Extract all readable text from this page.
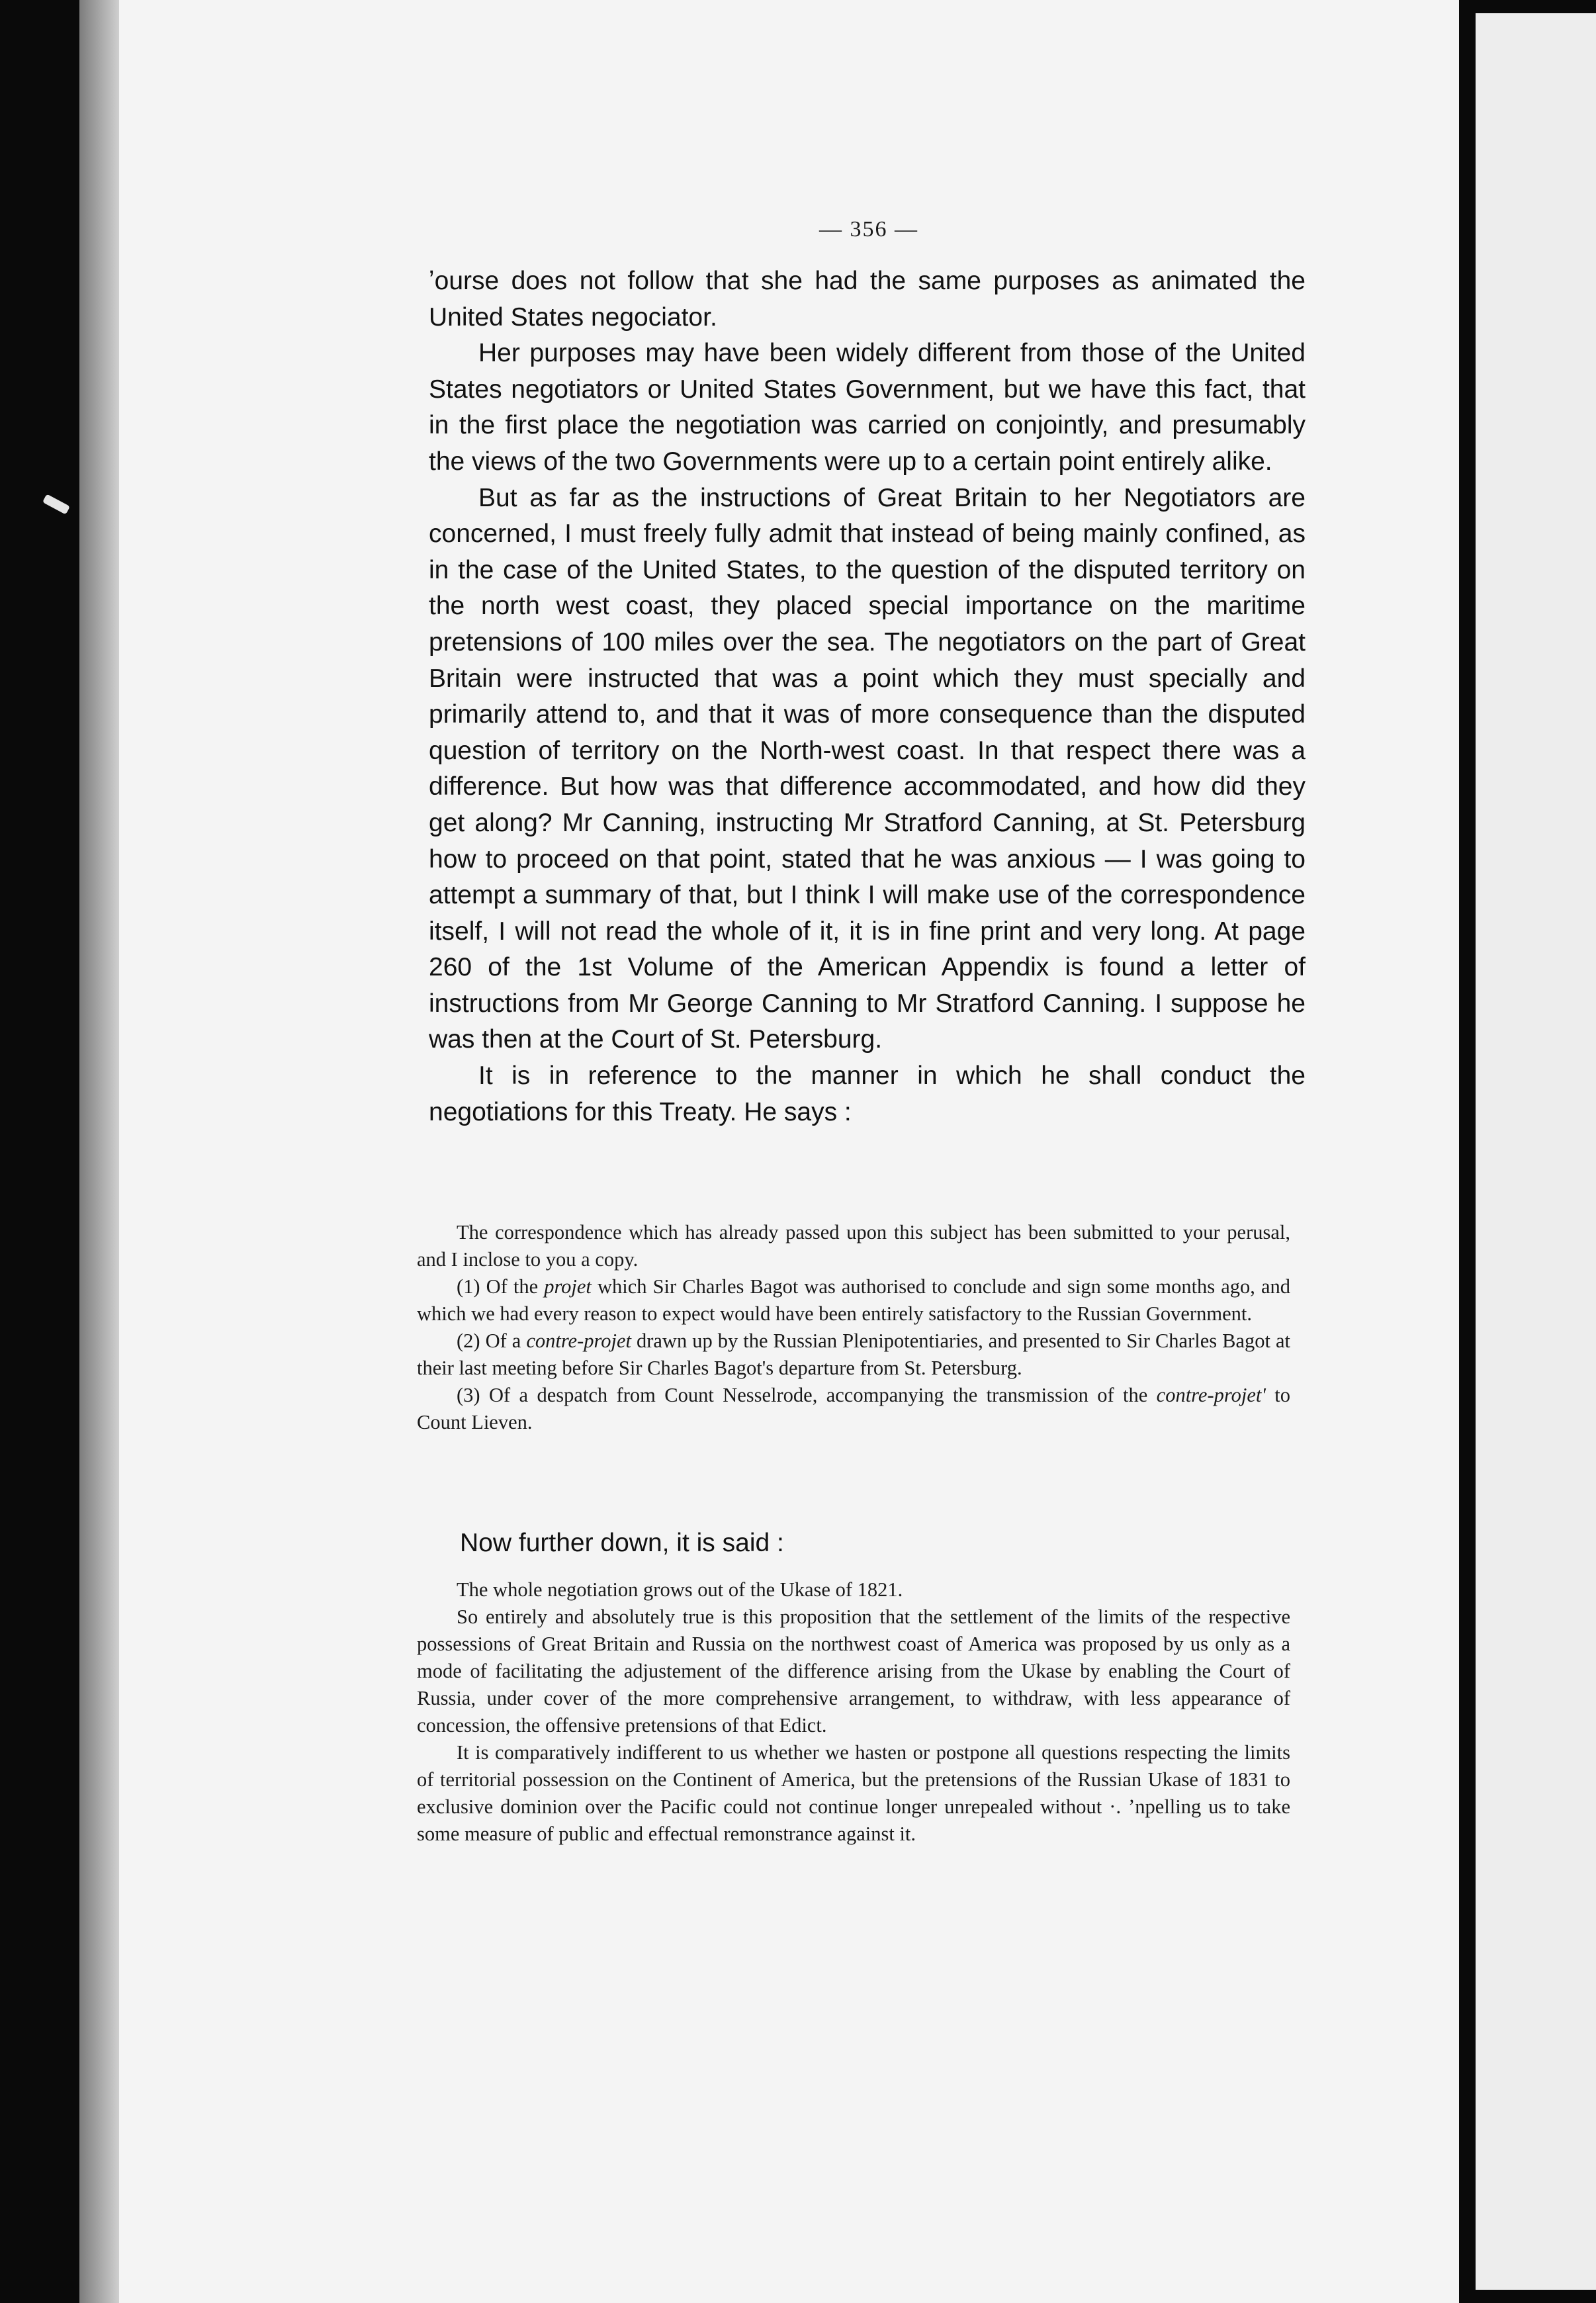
— 356 —

ʼourse does not follow that she had the same purposes as animated the United States negociator.

Her purposes may have been widely different from those of the United States negotiators or United States Government, but we have this fact, that in the first place the negotiation was carried on conjointly, and presumably the views of the two Governments were up to a certain point entirely alike.

But as far as the instructions of Great Britain to her Negotiators are concerned, I must freely fully admit that instead of being mainly confined, as in the case of the United States, to the question of the disputed territory on the north west coast, they placed special importance on the maritime pretensions of 100 miles over the sea. The negotiators on the part of Great Britain were instructed that was a point which they must specially and primarily attend to, and that it was of more consequence than the disputed question of territory on the North-west coast. In that respect there was a difference. But how was that difference accommodated, and how did they get along? Mr Canning, instructing Mr Stratford Canning, at St. Petersburg how to proceed on that point, stated that he was anxious — I was going to attempt a summary of that, but I think I will make use of the correspondence itself, I will not read the whole of it, it is in fine print and very long. At page 260 of the 1st Volume of the American Appendix is found a letter of instructions from Mr George Canning to Mr Stratford Canning. I suppose he was then at the Court of St. Petersburg.

It is in reference to the manner in which he shall conduct the negotiations for this Treaty. He says :

The correspondence which has already passed upon this subject has been submitted to your perusal, and I inclose to you a copy.

(1) Of the projet which Sir Charles Bagot was authorised to conclude and sign some months ago, and which we had every reason to expect would have been entirely satisfactory to the Russian Government.

(2) Of a contre-projet drawn up by the Russian Plenipotentiaries, and presented to Sir Charles Bagot at their last meeting before Sir Charles Bagot's departure from St. Petersburg.

(3) Of a despatch from Count Nesselrode, accompanying the transmission of the contre-projet' to Count Lieven.

Now further down, it is said :

The whole negotiation grows out of the Ukase of 1821.

So entirely and absolutely true is this proposition that the settlement of the limits of the respective possessions of Great Britain and Russia on the northwest coast of America was proposed by us only as a mode of facilitating the adjustement of the difference arising from the Ukase by enabling the Court of Russia, under cover of the more comprehensive arrangement, to withdraw, with less appearance of concession, the offensive pretensions of that Edict.

It is comparatively indifferent to us whether we hasten or postpone all questions respecting the limits of territorial possession on the Continent of America, but the pretensions of the Russian Ukase of 1831 to exclusive dominion over the Pacific could not continue longer unrepealed without ·. ʼnpelling us to take some measure of public and effectual remonstrance against it.
